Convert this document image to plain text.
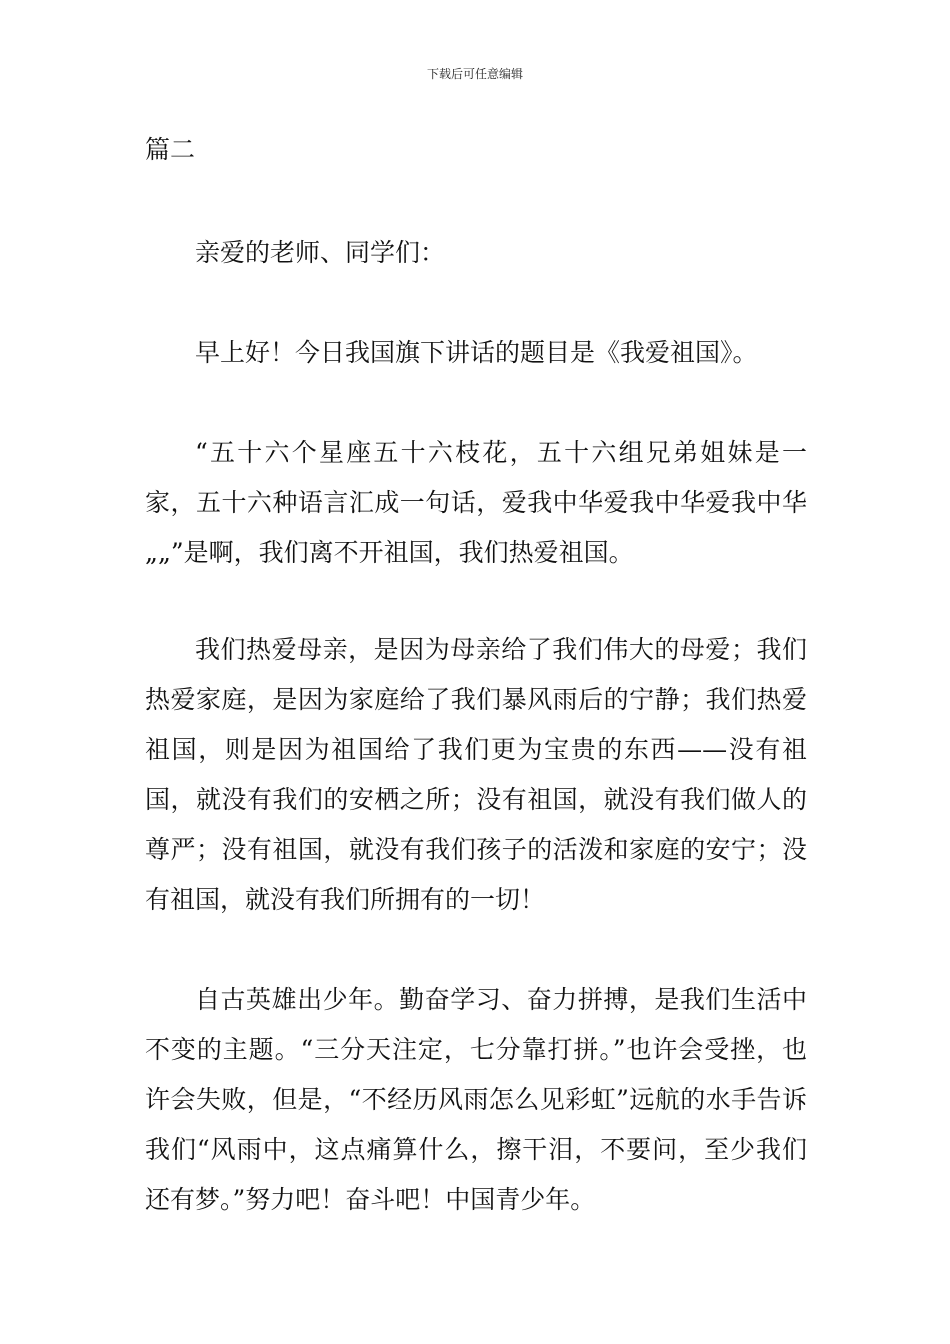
下载后可任意编辑
篇二

亲爱的老师、同学们：

早上好！今日我国旗下讲话的题目是《我爱祖国》。

“五十六个星座五十六枝花，五十六组兄弟姐妹是一家，五十六种语言汇成一句话，爱我中华爱我中华爱我中华„„”是啊，我们离不开祖国，我们热爱祖国。

我们热爱母亲，是因为母亲给了我们伟大的母爱；我们热爱家庭，是因为家庭给了我们暴风雨后的宁静；我们热爱祖国，则是因为祖国给了我们更为宝贵的东西——没有祖国，就没有我们的安栖之所；没有祖国，就没有我们做人的尊严；没有祖国，就没有我们孩子的活泼和家庭的安宁；没有祖国，就没有我们所拥有的一切！

自古英雄出少年。勤奋学习、奋力拼搏，是我们生活中不变的主题。“三分天注定，七分靠打拼。”也许会受挫，也许会失败，但是，“不经历风雨怎么见彩虹”远航的水手告诉我们“风雨中，这点痛算什么，擦干泪，不要问，至少我们还有梦。”努力吧！奋斗吧！中国青少年。
